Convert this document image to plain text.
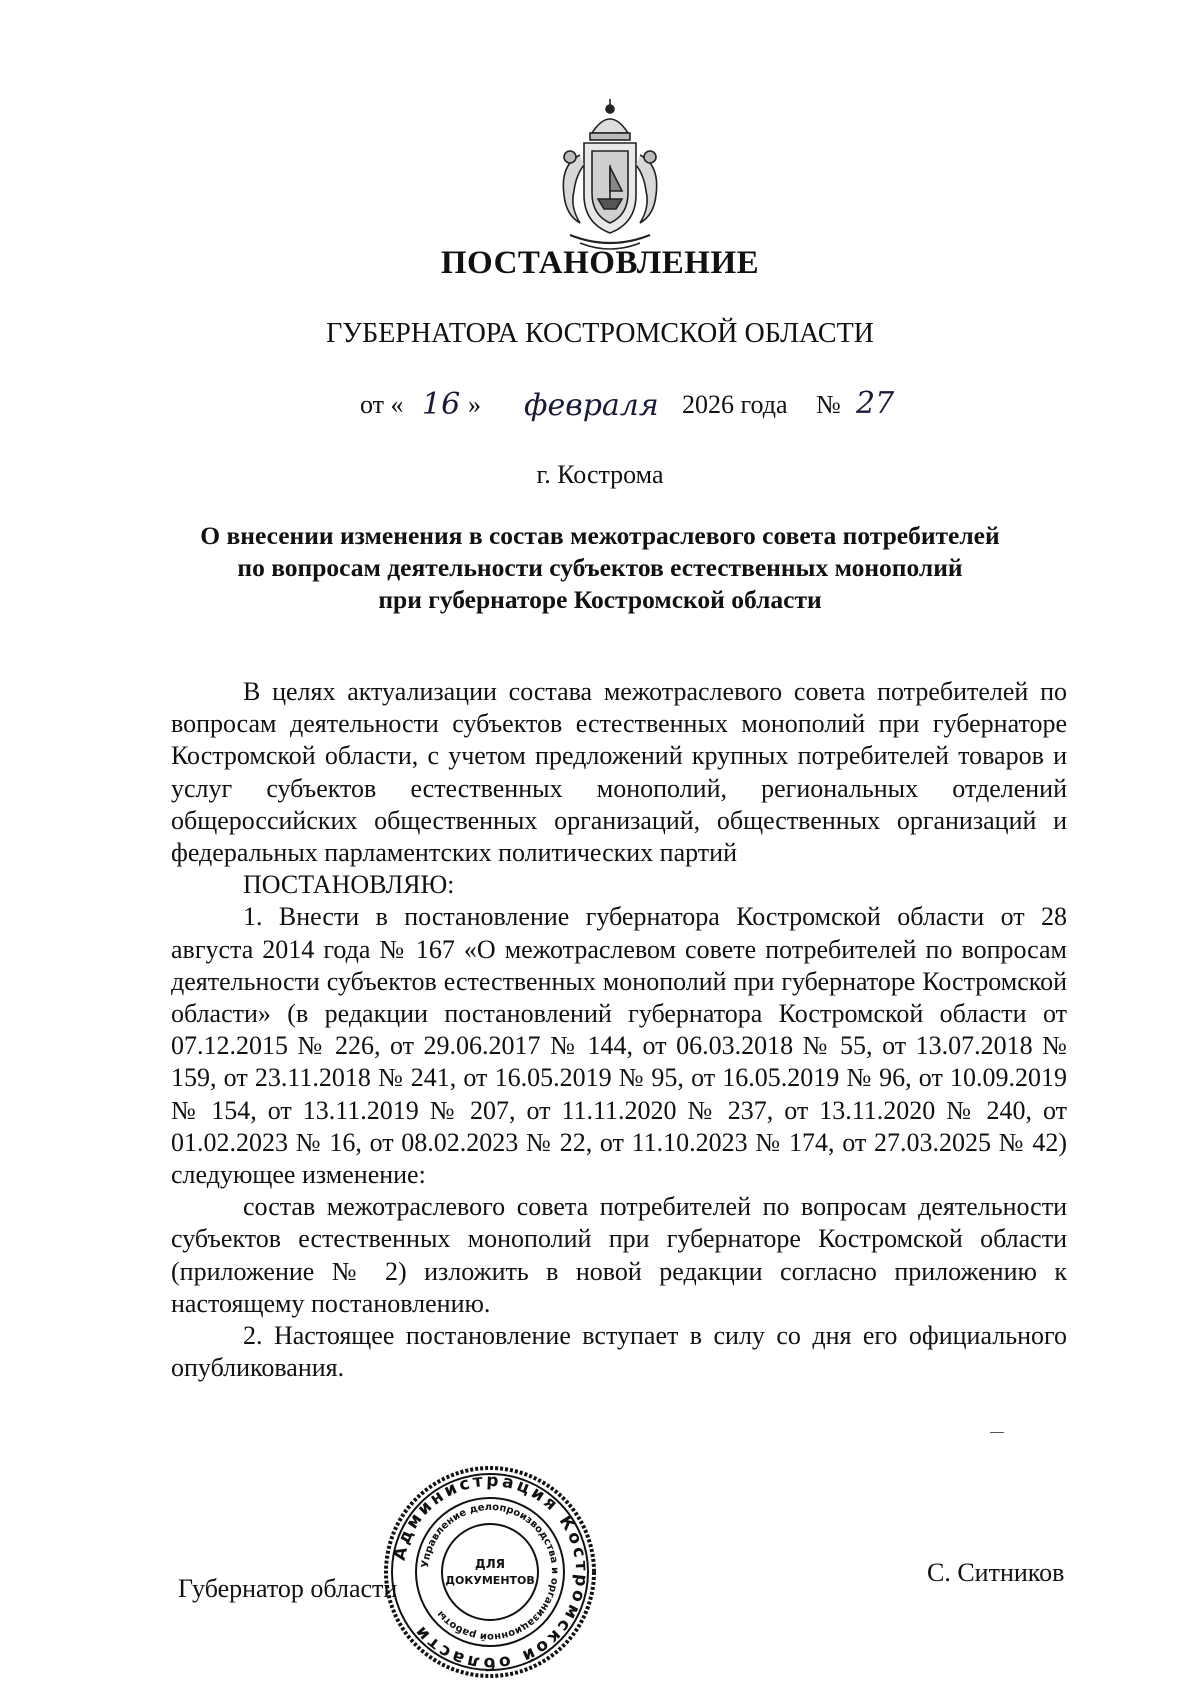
ПОСТАНОВЛЕНИЕ
ГУБЕРНАТОРА КОСТРОМСКОЙ ОБЛАСТИ
от « 16 » февраля 2026 года № 27
г. Кострома
О внесении изменения в состав межотраслевого совета потребителей
по вопросам деятельности субъектов естественных монополий
при губернаторе Костромской области

В целях актуализации состава межотраслевого совета потребителей по вопросам деятельности субъектов естественных монополий при губернаторе Костромской области, с учетом предложений крупных потребителей товаров и услуг субъектов естественных монополий, региональных отделений общероссийских общественных организаций, общественных организаций и федеральных парламентских политических партий

ПОСТАНОВЛЯЮ:

1. Внести в постановление губернатора Костромской области от 28 августа 2014 года № 167 «О межотраслевом совете потребителей по вопросам деятельности субъектов естественных монополий при губернаторе Костромской области» (в редакции постановлений губернатора Костромской области от 07.12.2015 № 226, от 29.06.2017 № 144, от 06.03.2018 № 55, от 13.07.2018 № 159, от 23.11.2018 № 241, от 16.05.2019 № 95, от 16.05.2019 № 96, от 10.09.2019 № 154, от 13.11.2019 № 207, от 11.11.2020 № 237, от 13.11.2020 № 240, от 01.02.2023 № 16, от 08.02.2023 № 22, от 11.10.2023 № 174, от 27.03.2025 № 42) следующее изменение:

состав межотраслевого совета потребителей по вопросам деятельности субъектов естественных монополий при губернаторе Костромской области (приложение № 2) изложить в новой редакции согласно приложению к настоящему постановлению.

2. Настоящее постановление вступает в силу со дня его официального опубликования.

Губернатор области
С. Ситников
Администрация Костромской области
Управление делопроизводства и организационной работы
ДЛЯ
ДОКУМЕНТОВ
